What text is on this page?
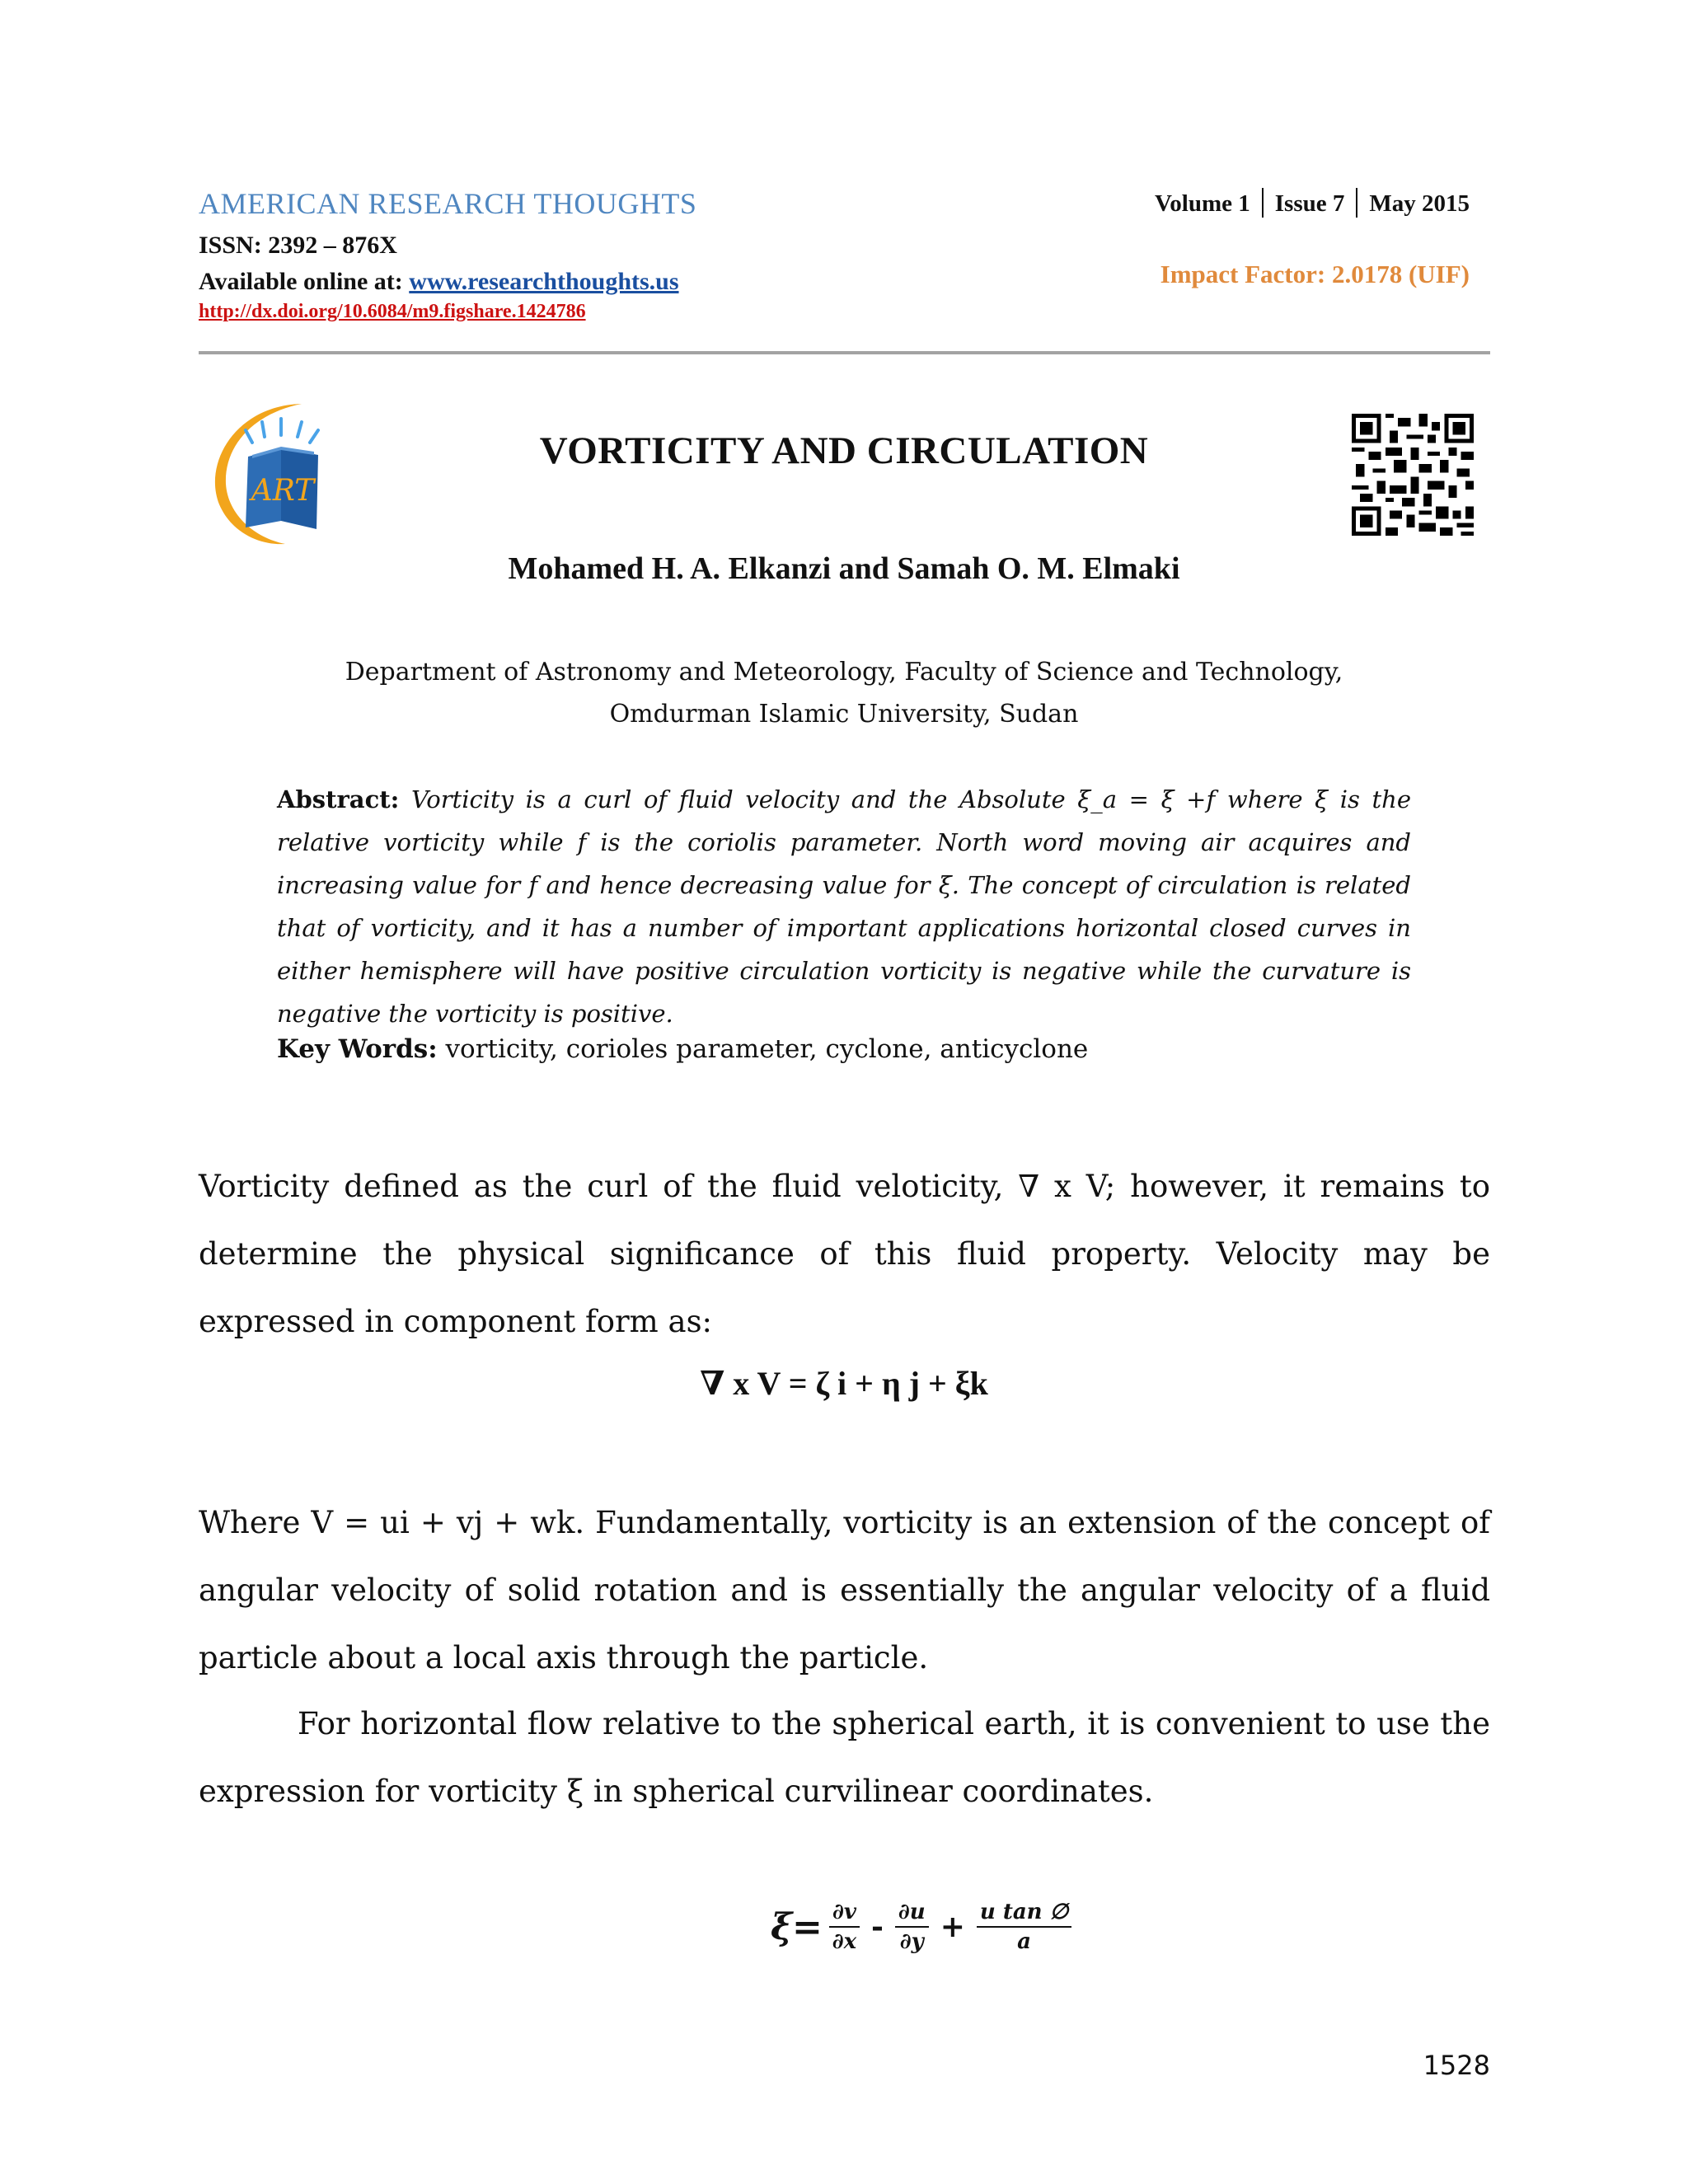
AMERICAN RESEARCH THOUGHTS
ISSN: 2392 – 876X
Available online at: www.researchthoughts.us
http://dx.doi.org/10.6084/m9.figshare.1424786
Volume 1 Issue 7 May 2015
Impact Factor: 2.0178 (UIF)
ART
VORTICITY AND CIRCULATION
Mohamed H. A. Elkanzi and Samah O. M. Elmaki
Department of Astronomy and Meteorology, Faculty of Science and Technology,
Omdurman Islamic University, Sudan
Abstract: Vorticity is a curl of fluid velocity and the Absolute ξ_a = ξ +f where ξ is the relative vorticity while f is the coriolis parameter. North word moving air acquires and increasing value for f and hence decreasing value for ξ. The concept of circulation is related that of vorticity, and it has a number of important applications horizontal closed curves in either hemisphere will have positive circulation vorticity is negative while the curvature is negative the vorticity is positive.
Key Words: vorticity, corioles parameter, cyclone, anticyclone
Vorticity defined as the curl of the fluid veloticity, ∇ x V; however, it remains to determine the physical significance of this fluid property. Velocity may be expressed in component form as:
∇ x V = ζ i + η j + ξk
Where V = ui + vj + wk. Fundamentally, vorticity is an extension of the concept of angular velocity of solid rotation and is essentially the angular velocity of a fluid particle about a local axis through the particle.
For horizontal flow relative to the spherical earth, it is convenient to use the expression for vorticity ξ in spherical curvilinear coordinates.
$\xi= \frac{\partial v}{\partial x} - \frac{\partial u}{\partial y} + \frac{\text{u tan ∅}}{a}$
1528
